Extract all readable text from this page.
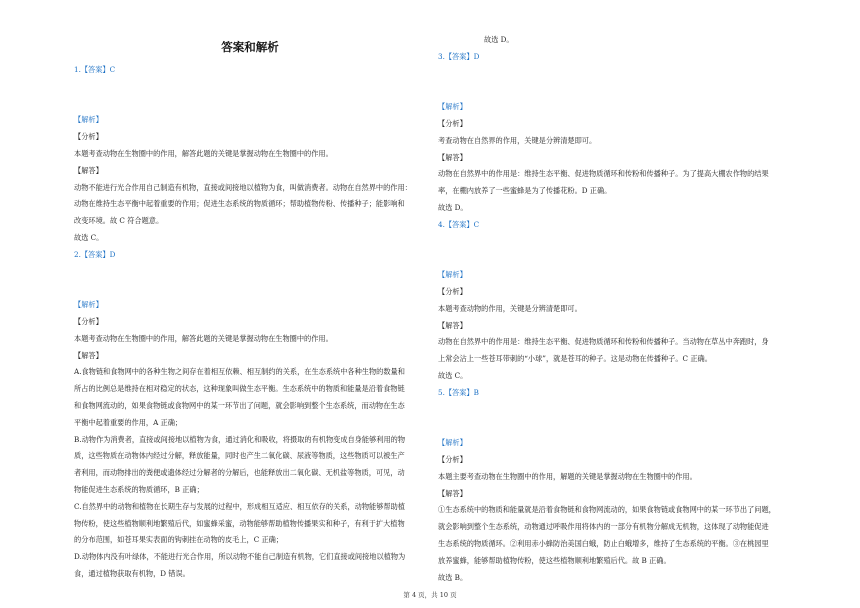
答案和解析

1.【答案】C

【解析】

【分析】

本题考查动物在生物圈中的作用，解答此题的关键是掌握动物在生物圈中的作用。

【解答】

动物不能进行光合作用自己制造有机物，直接或间接地以植物为食，叫做消费者。动物在自然界中的作用：

动物在维持生态平衡中起着重要的作用；促进生态系统的物质循环；帮助植物传粉、传播种子；能影响和

改变环境。故 C 符合题意。

故选 C。

2.【答案】D

【解析】

【分析】

本题考查动物在生物圈中的作用，解答此题的关键是掌握动物在生物圈中的作用。

【解答】

A.食物链和食物网中的各种生物之间存在着相互依赖、相互制约的关系，在生态系统中各种生物的数量和

所占的比例总是维持在相对稳定的状态，这种现象叫做生态平衡。生态系统中的物质和能量是沿着食物链

和食物网流动的，如果食物链或食物网中的某一环节出了问题，就会影响到整个生态系统，而动物在生态

平衡中起着重要的作用，A 正确；

B.动物作为消费者，直接或间接地以植物为食，通过消化和吸收，将摄取的有机物变成自身能够利用的物

质，这些物质在动物体内经过分解，释放能量，同时也产生二氧化碳、尿液等物质，这些物质可以被生产

者利用，而动物排出的粪便或遗体经过分解者的分解后，也能释放出二氧化碳、无机盐等物质，可见，动

物能促进生态系统的物质循环，B 正确；

C.自然界中的动物和植物在长期生存与发展的过程中，形成相互适应、相互依存的关系，动物能够帮助植

物传粉，使这些植物顺利地繁殖后代，如蜜蜂采蜜，动物能够帮助植物传播果实和种子，有利于扩大植物

的分布范围，如苍耳果实表面的钩刺挂在动物的皮毛上，C 正确；

D.动物体内没有叶绿体，不能进行光合作用，所以动物不能自己制造有机物，它们直接或间接地以植物为

食，通过植物获取有机物，D 错误。

故选 D。

3.【答案】D

【解析】

【分析】

考查动物在自然界的作用，关键是分辨清楚即可。

【解答】

动物在自然界中的作用是：维持生态平衡、促进物质循环和传粉和传播种子。为了提高大棚农作物的结果

率，在棚内放养了一些蜜蜂是为了传播花粉。D 正确。

故选 D。

4.【答案】C

【解析】

【分析】

本题考查动物的作用，关键是分辨清楚即可。

【解答】

动物在自然界中的作用是：维持生态平衡、促进物质循环和传粉和传播种子。当动物在草丛中奔跑时，身

上常会沾上一些苍耳带刺的“小球”，就是苍耳的种子。这是动物在传播种子。C 正确。

故选 C。

5.【答案】B

【解析】

【分析】

本题主要考查动物在生物圈中的作用，解题的关键是掌握动物在生物圈中的作用。

【解答】

①生态系统中的物质和能量就是沿着食物链和食物网流动的，如果食物链或食物网中的某一环节出了问题，

就会影响到整个生态系统，动物通过呼吸作用将体内的一部分有机物分解成无机物，这体现了动物能促进

生态系统的物质循环。②利用赤小蜂防治美国白蛾，防止白蛾增多，维持了生态系统的平衡。③在桃园里

放养蜜蜂，能够帮助植物传粉，使这些植物顺利地繁殖后代。故 B 正确。

故选 B。

第 4 页，共 10 页
